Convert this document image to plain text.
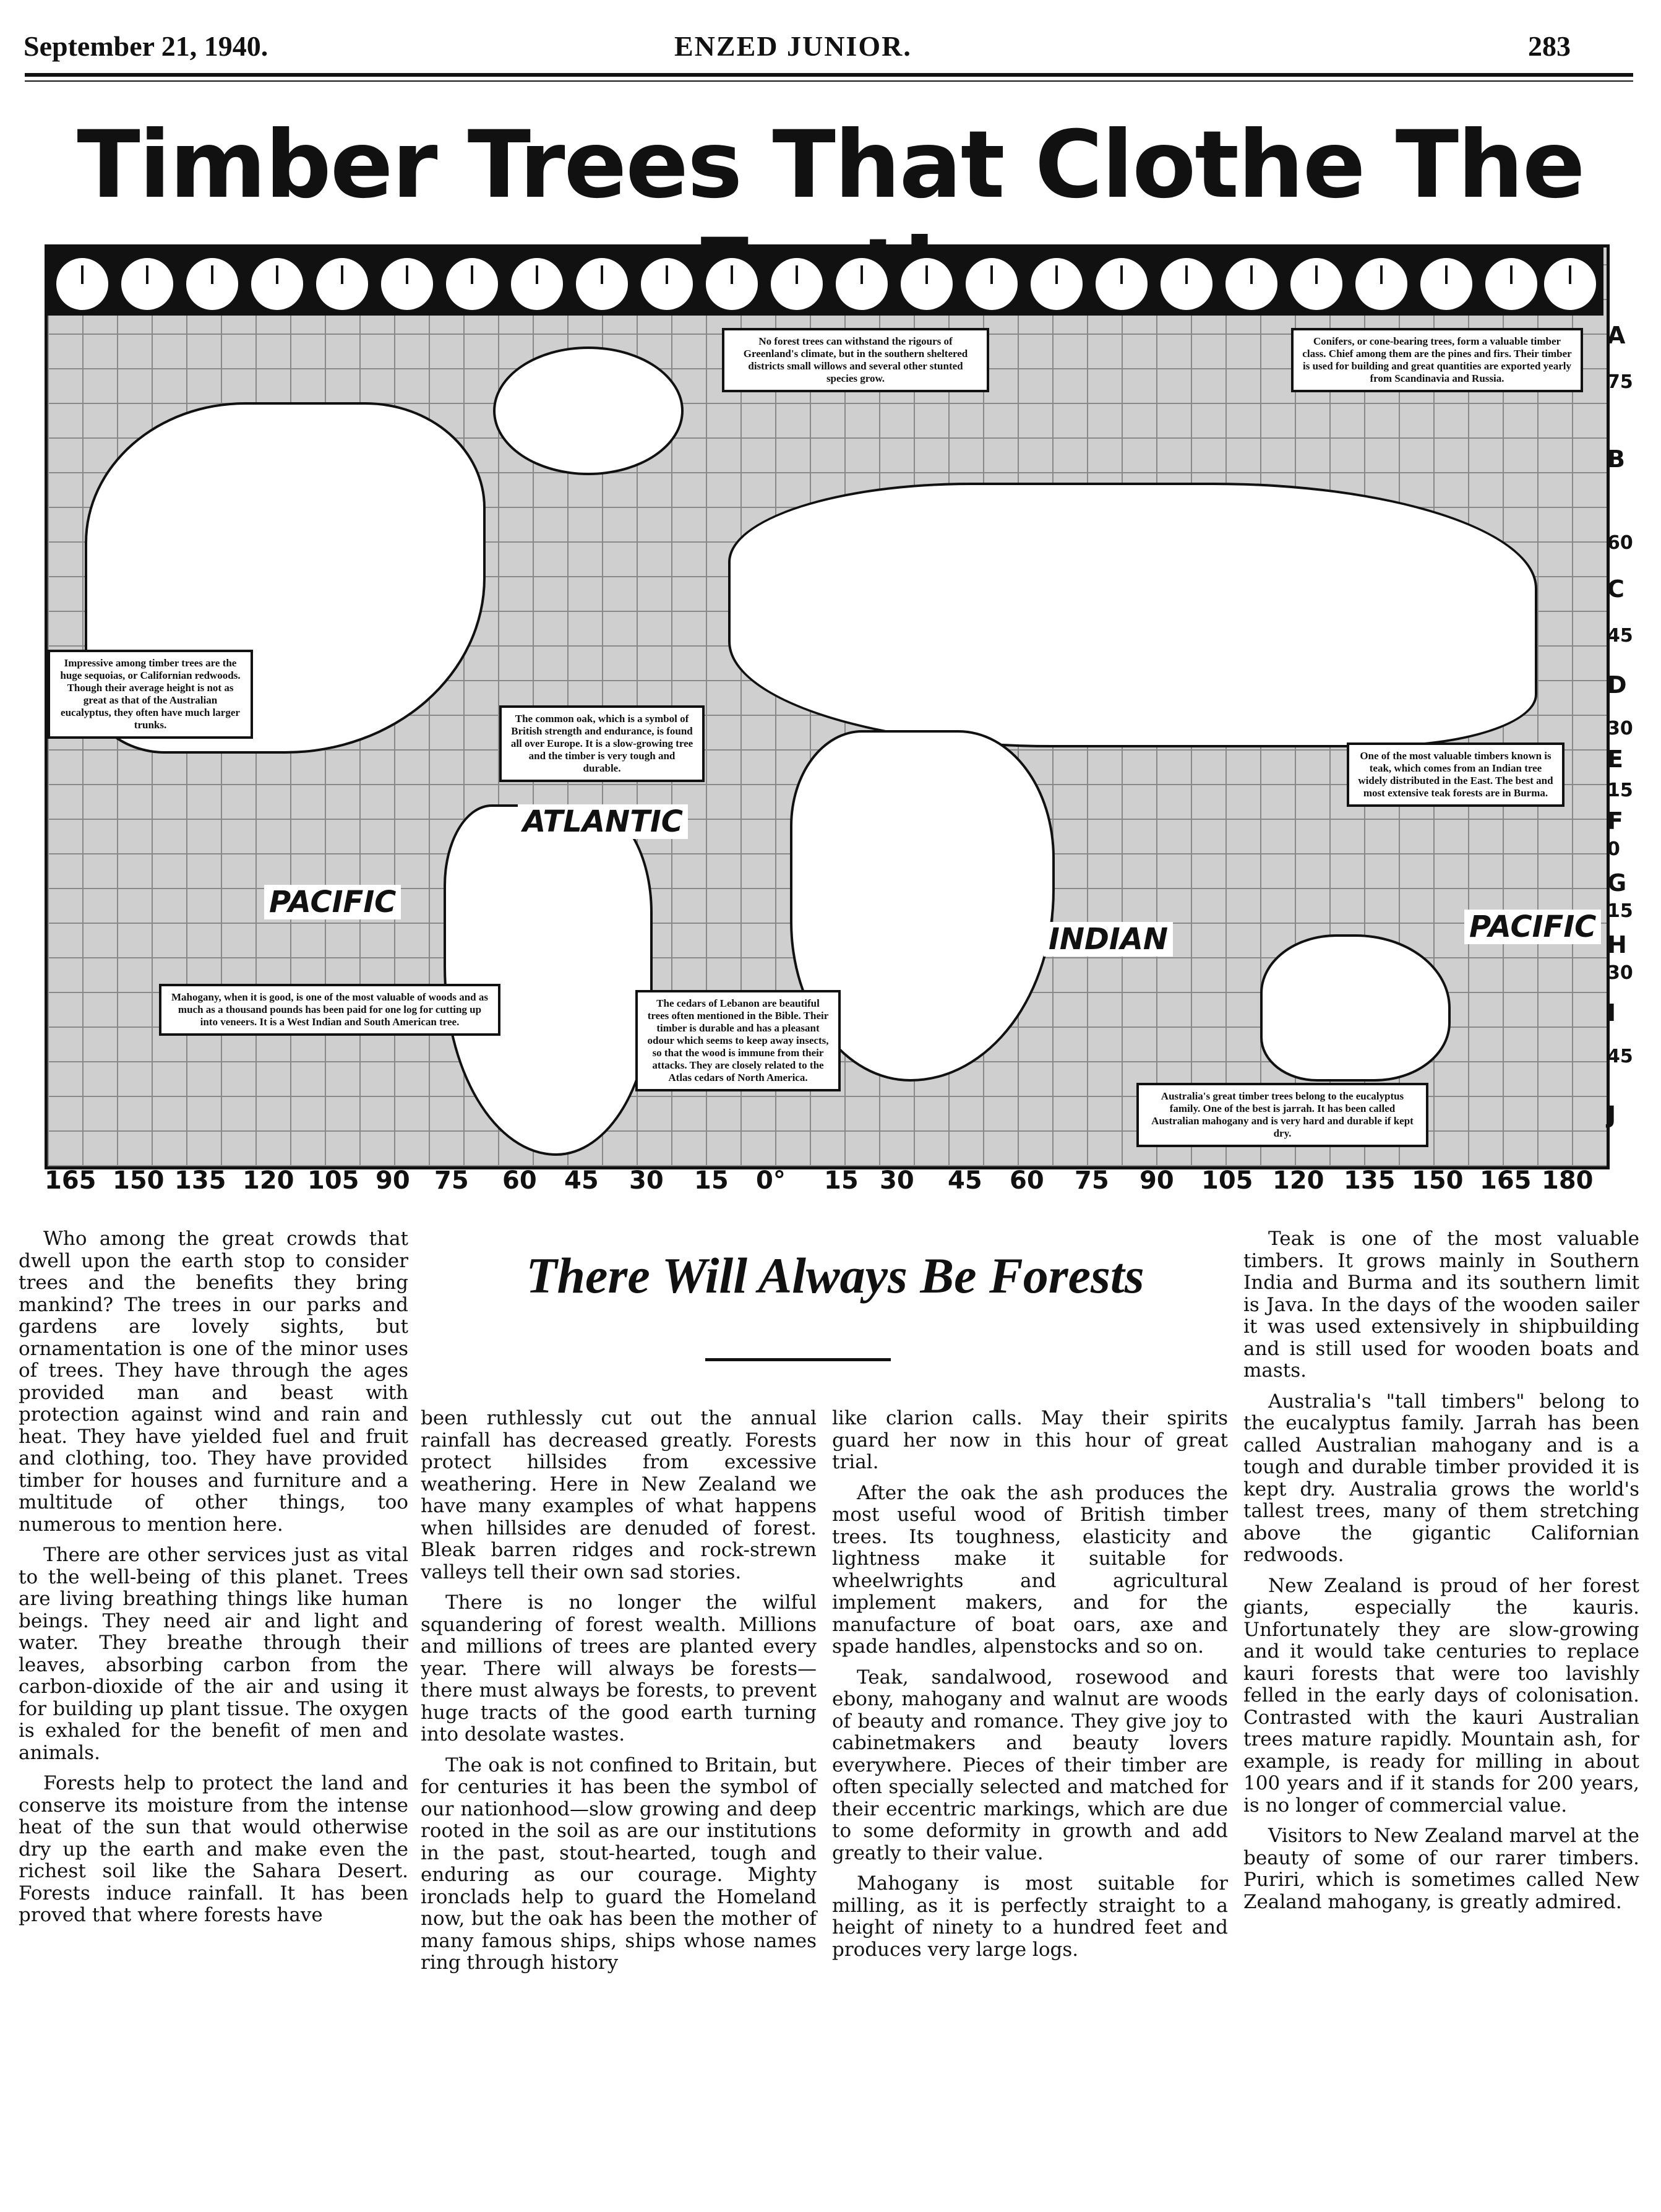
September 21, 1940.	ENZED JUNIOR.	283
Timber Trees That Clothe The
PACIFIC
ATLANTIC
INDIAN	PACIFIC
No forest trees can withstand the rigours of Greenland's climate, but in the southern sheltered districts small willows and several other stunted species grow.
Conifers, or cone-bearing trees, form a valuable timber class. Chief among them are the pines and firs. Their timber is used for building and great quantities are exported yearly from Scandinavia and Russia.
Impressive among timber trees are the huge sequoias, or Californian redwoods. Though their average height is not as great as that of the Australian eucalyptus, they often have much larger trunks.
The common oak, which is a symbol of British strength and endurance, is found all over Europe. It is a slow-growing tree and the timber is very tough and durable.
One of the most valuable timbers known is teak, which comes from an Indian tree widely distributed in the East. The best and most extensive teak forests are in Burma.
Mahogany, when it is good, is one of the most valuable of woods and as much as a thousand pounds has been paid for one log for cutting up into veneers. It is a West Indian and South American tree.
The cedars of Lebanon are beautiful trees often mentioned in the Bible. Their timber is durable and has a pleasant odour which seems to keep away insects, so that the wood is immune from their attacks. They are closely related to the Atlas cedars of North America.
Australia's great timber trees belong to the eucalyptus family. One of the best is jarrah. It has been called Australian mahogany and is very hard and durable if kept dry.
A
75
B
60
C
45
D
30
E
15
F
0
G
15
H
30
I
45
J
165 150 135 120 105 90 75 60 45 30 15 0° 15 30 45 60 75 90 105 120 135 150 165 180
There Will Always Be Forests

Who among the great crowds that dwell upon the earth stop to consider trees and the benefits they bring mankind? The trees in our parks and gardens are lovely sights, but ornamentation is one of the minor uses of trees. They have through the ages provided man and beast with protection against wind and rain and heat. They have yielded fuel and fruit and clothing, too. They have provided timber for houses and furniture and a multitude of other things, too numerous to mention here.

There are other services just as vital to the well-being of this planet. Trees are living breathing things like human beings. They need air and light and water. They breathe through their leaves, absorbing carbon from the carbon-dioxide of the air and using it for building up plant tissue. The oxygen is exhaled for the benefit of men and animals.

Forests help to protect the land and conserve its moisture from the intense heat of the sun that would otherwise dry up the earth and make even the richest soil like the Sahara Desert. Forests induce rainfall. It has been proved that where forests have

been ruthlessly cut out the annual rainfall has decreased greatly. Forests protect hillsides from excessive weathering. Here in New Zealand we have many examples of what happens when hillsides are denuded of forest. Bleak barren ridges and rock-strewn valleys tell their own sad stories.

There is no longer the wilful squandering of forest wealth. Millions and millions of trees are planted every year. There will always be forests—there must always be forests, to prevent huge tracts of the good earth turning into desolate wastes.

The oak is not confined to Britain, but for centuries it has been the symbol of our nationhood—slow growing and deep rooted in the soil as are our institutions in the past, stout-hearted, tough and enduring as our courage. Mighty ironclads help to guard the Homeland now, but the oak has been the mother of many famous ships, ships whose names ring through history

like clarion calls. May their spirits guard her now in this hour of great trial.

After the oak the ash produces the most useful wood of British timber trees. Its toughness, elasticity and lightness make it suitable for wheelwrights and agricultural implement makers, and for the manufacture of boat oars, axe and spade handles, alpenstocks and so on.

Teak, sandalwood, rosewood and ebony, mahogany and walnut are woods of beauty and romance. They give joy to cabinetmakers and beauty lovers everywhere. Pieces of their timber are often specially selected and matched for their eccentric markings, which are due to some deformity in growth and add greatly to their value.

Mahogany is most suitable for milling, as it is perfectly straight to a height of ninety to a hundred feet and produces very large logs.

Teak is one of the most valuable timbers. It grows mainly in Southern India and Burma and its southern limit is Java. In the days of the wooden sailer it was used extensively in shipbuilding and is still used for wooden boats and masts.

Australia's "tall timbers" belong to the eucalyptus family. Jarrah has been called Australian mahogany and is a tough and durable timber provided it is kept dry. Australia grows the world's tallest trees, many of them stretching above the gigantic Californian redwoods.

New Zealand is proud of her forest giants, especially the kauris. Unfortunately they are slow-growing and it would take centuries to replace kauri forests that were too lavishly felled in the early days of colonisation. Contrasted with the kauri Australian trees mature rapidly. Mountain ash, for example, is ready for milling in about 100 years and if it stands for 200 years, is no longer of commercial value.

Visitors to New Zealand marvel at the beauty of some of our rarer timbers. Puriri, which is sometimes called New Zealand mahogany, is greatly admired.
